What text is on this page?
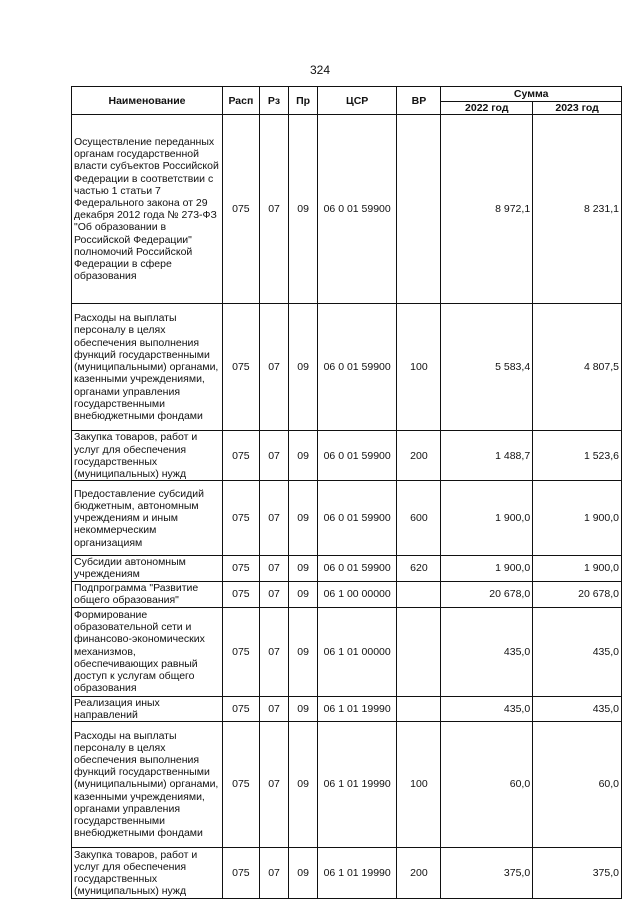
324
Наименование	Расп	Рз	Пр	ЦСР	ВР	Сумма	
						2022 год	2023 год
Осуществление переданных органам государственной власти субъектов Российской Федерации в соответствии с частью 1 статьи 7 Федерального закона от 29 декабря 2012 года № 273-ФЗ "Об образовании в Российской Федерации" полномочий Российской Федерации в сфере образования	075	07	09	06 0 01 59900		8 972,1	8 231,1
Расходы на выплаты персоналу в целях обеспечения выполнения функций государственными (муниципальными) органами, казенными учреждениями, органами управления государственными внебюджетными фондами	075	07	09	06 0 01 59900	100	5 583,4	4 807,5
Закупка товаров, работ и услуг для обеспечения государственных (муниципальных) нужд	075	07	09	06 0 01 59900	200	1 488,7	1 523,6
Предоставление субсидий бюджетным, автономным учреждениям и иным некоммерческим организациям	075	07	09	06 0 01 59900	600	1 900,0	1 900,0
Субсидии автономным учреждениям	075	07	09	06 0 01 59900	620	1 900,0	1 900,0
Подпрограмма "Развитие общего образования"	075	07	09	06 1 00 00000		20 678,0	20 678,0
Формирование образовательной сети и финансово-экономических механизмов, обеспечивающих равный доступ к услугам общего образования	075	07	09	06 1 01 00000		435,0	435,0
Реализация иных направлений	075	07	09	06 1 01 19990		435,0	435,0
Расходы на выплаты персоналу в целях обеспечения выполнения функций государственными (муниципальными) органами, казенными учреждениями, органами управления государственными внебюджетными фондами	075	07	09	06 1 01 19990	100	60,0	60,0
Закупка товаров, работ и услуг для обеспечения государственных (муниципальных) нужд	075	07	09	06 1 01 19990	200	375,0	375,0
